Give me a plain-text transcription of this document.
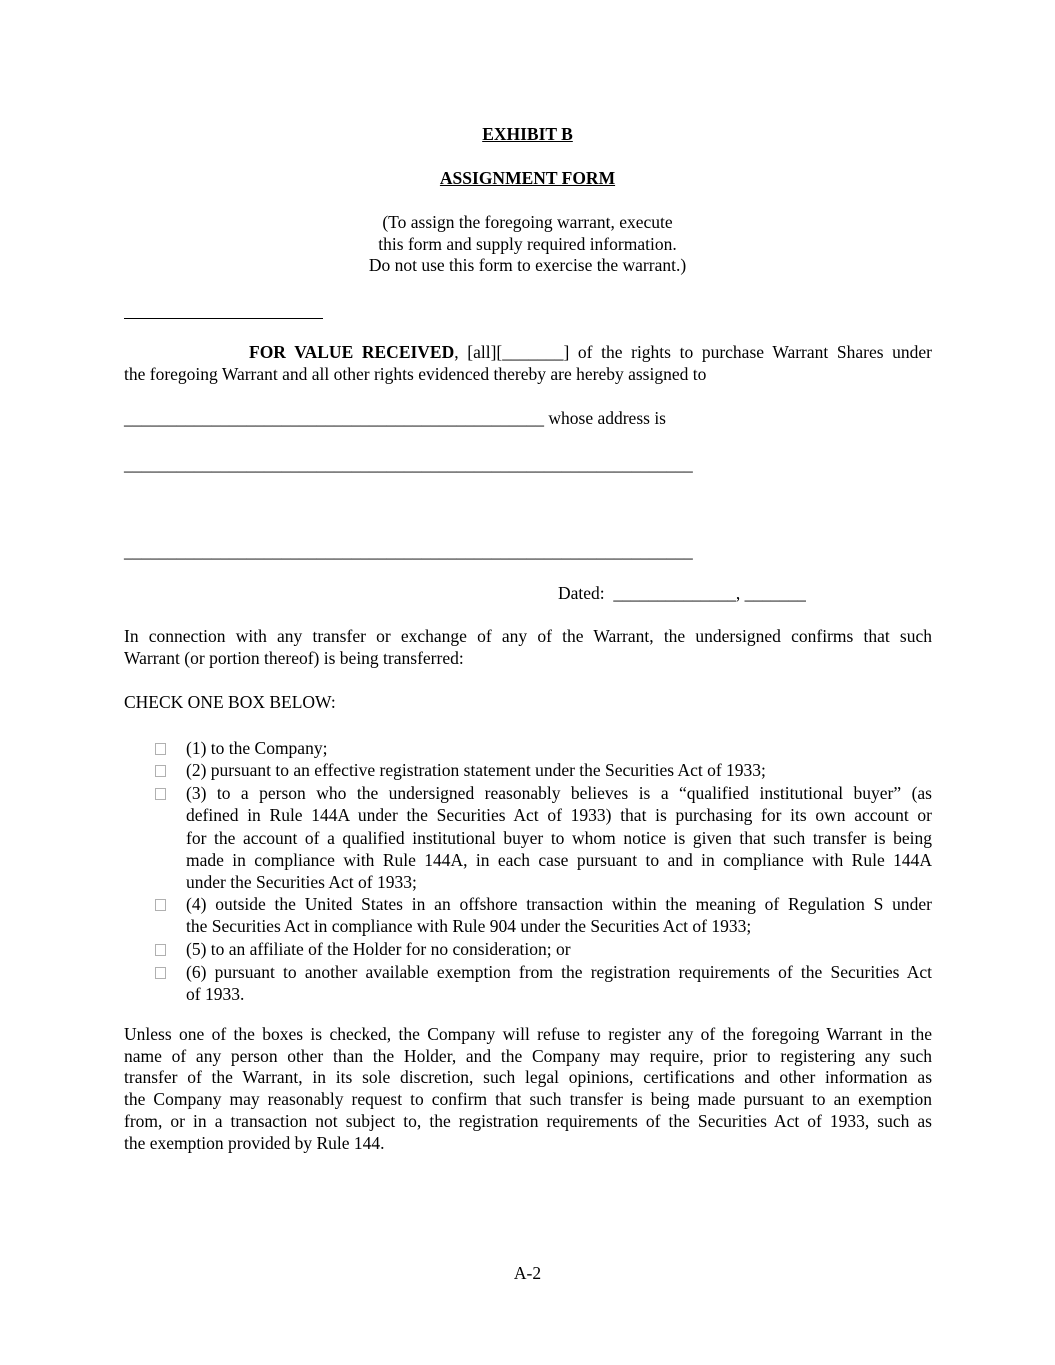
EXHIBIT B
ASSIGNMENT FORM
(To assign the foregoing warrant, execute
this form and supply required information.
Do not use this form to exercise the warrant.)
FOR VALUE RECEIVED, [all][_______] of the rights to purchase Warrant Shares under
the foregoing Warrant and all other rights evidenced thereby are hereby assigned to
________________________________________________ whose address is
_________________________________________________________________
_________________________________________________________________
Dated: ______________, _______
In connection with any transfer or exchange of any of the Warrant, the undersigned confirms that such
Warrant (or portion thereof) is being transferred:
CHECK ONE BOX BELOW:
(1) to the Company;
(2) pursuant to an effective registration statement under the Securities Act of 1933;
(3) to a person who the undersigned reasonably believes is a “qualified institutional buyer” (as
defined in Rule 144A under the Securities Act of 1933) that is purchasing for its own account or
for the account of a qualified institutional buyer to whom notice is given that such transfer is being
made in compliance with Rule 144A, in each case pursuant to and in compliance with Rule 144A
under the Securities Act of 1933;
(4) outside the United States in an offshore transaction within the meaning of Regulation S under
the Securities Act in compliance with Rule 904 under the Securities Act of 1933;
(5) to an affiliate of the Holder for no consideration; or
(6) pursuant to another available exemption from the registration requirements of the Securities Act
of 1933.
Unless one of the boxes is checked, the Company will refuse to register any of the foregoing Warrant in the
name of any person other than the Holder, and the Company may require, prior to registering any such
transfer of the Warrant, in its sole discretion, such legal opinions, certifications and other information as
the Company may reasonably request to confirm that such transfer is being made pursuant to an exemption
from, or in a transaction not subject to, the registration requirements of the Securities Act of 1933, such as
the exemption provided by Rule 144.
A-2
